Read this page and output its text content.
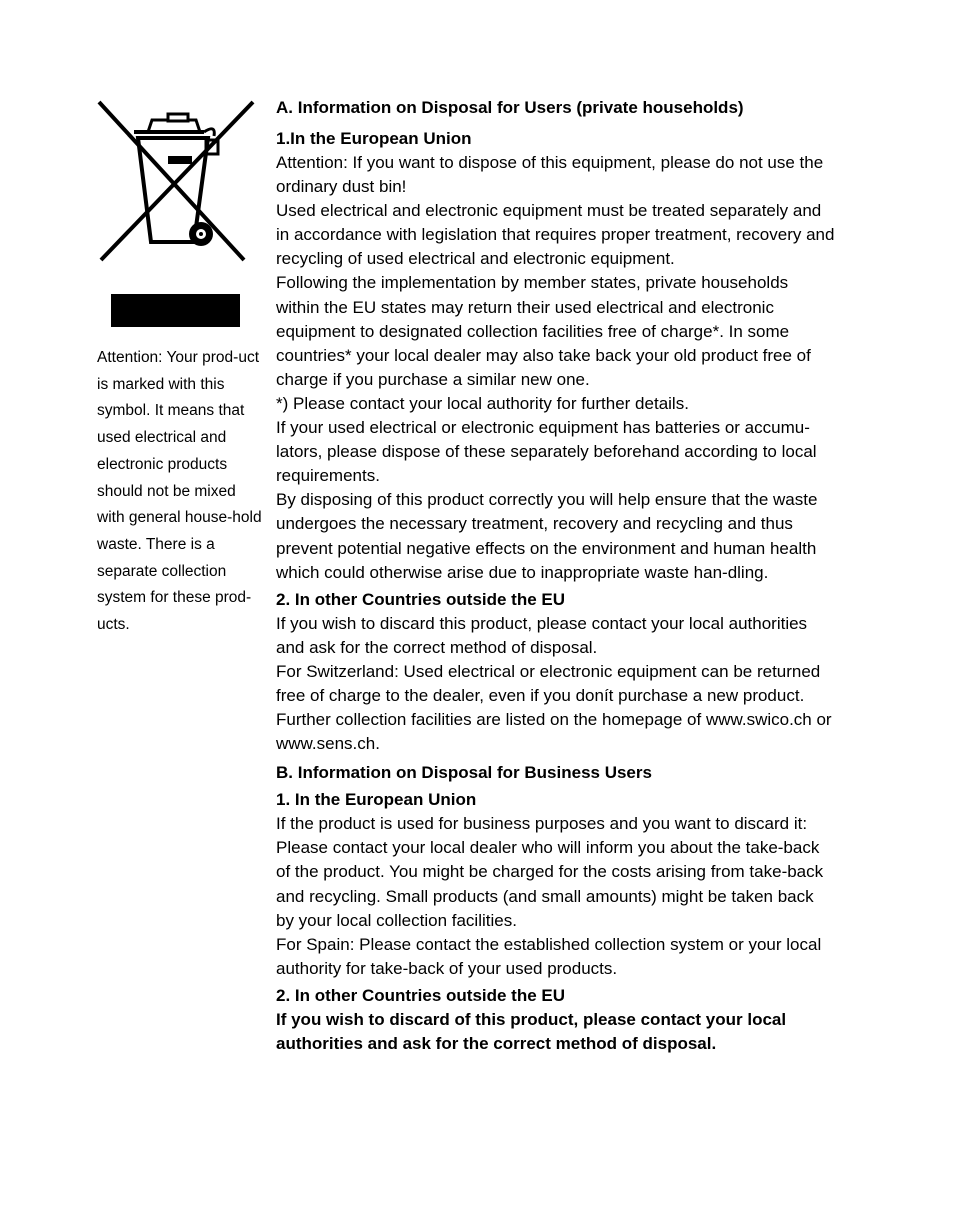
Attention: Your prod-uct is marked with this symbol. It means that used electrical and electronic products should not be mixed with general house-hold waste. There is a separate collection system for these prod-ucts.

A. Information on Disposal for Users (private households)
1.In the European Union

Attention: If you want to dispose of this equipment, please do not use the ordinary dust bin!

Used electrical and electronic equipment must be treated separately and in accordance with legislation that requires proper treatment, recovery and recycling of used electrical and electronic equipment.

Following the implementation by member states, private households within the EU states may return their used electrical and electronic equipment to designated collection facilities free of charge*. In some countries* your local dealer may also take back your old product free of charge if you purchase a similar new one.

*) Please contact your local authority for further details.

If your used electrical or electronic equipment has batteries or accumu-lators, please dispose of these separately beforehand according to local requirements.

By disposing of this product correctly you will help ensure that the waste undergoes the necessary treatment, recovery and recycling and thus prevent potential negative effects on the environment and human health which could otherwise arise due to inappropriate waste han-dling.

2. In other Countries outside the EU

If you wish to discard this product, please contact your local authorities and ask for the correct method of disposal.

For Switzerland: Used electrical or electronic equipment can be returned free of charge to the dealer, even if you donít purchase a new product. Further collection facilities are listed on the homepage of www.swico.ch or www.sens.ch.

B. Information on Disposal for Business Users
1. In the European Union

If the product is used for business purposes and you want to discard it:

Please contact your local dealer who will inform you about the take-back of the product. You might be charged for the costs arising from take-back and recycling. Small products (and small amounts) might be taken back by your local collection facilities.

For Spain: Please contact the established collection system or your local authority for take-back of your used products.

2. In other Countries outside the EU

If you wish to discard of this product, please contact your local authorities and ask for the correct method of disposal.
